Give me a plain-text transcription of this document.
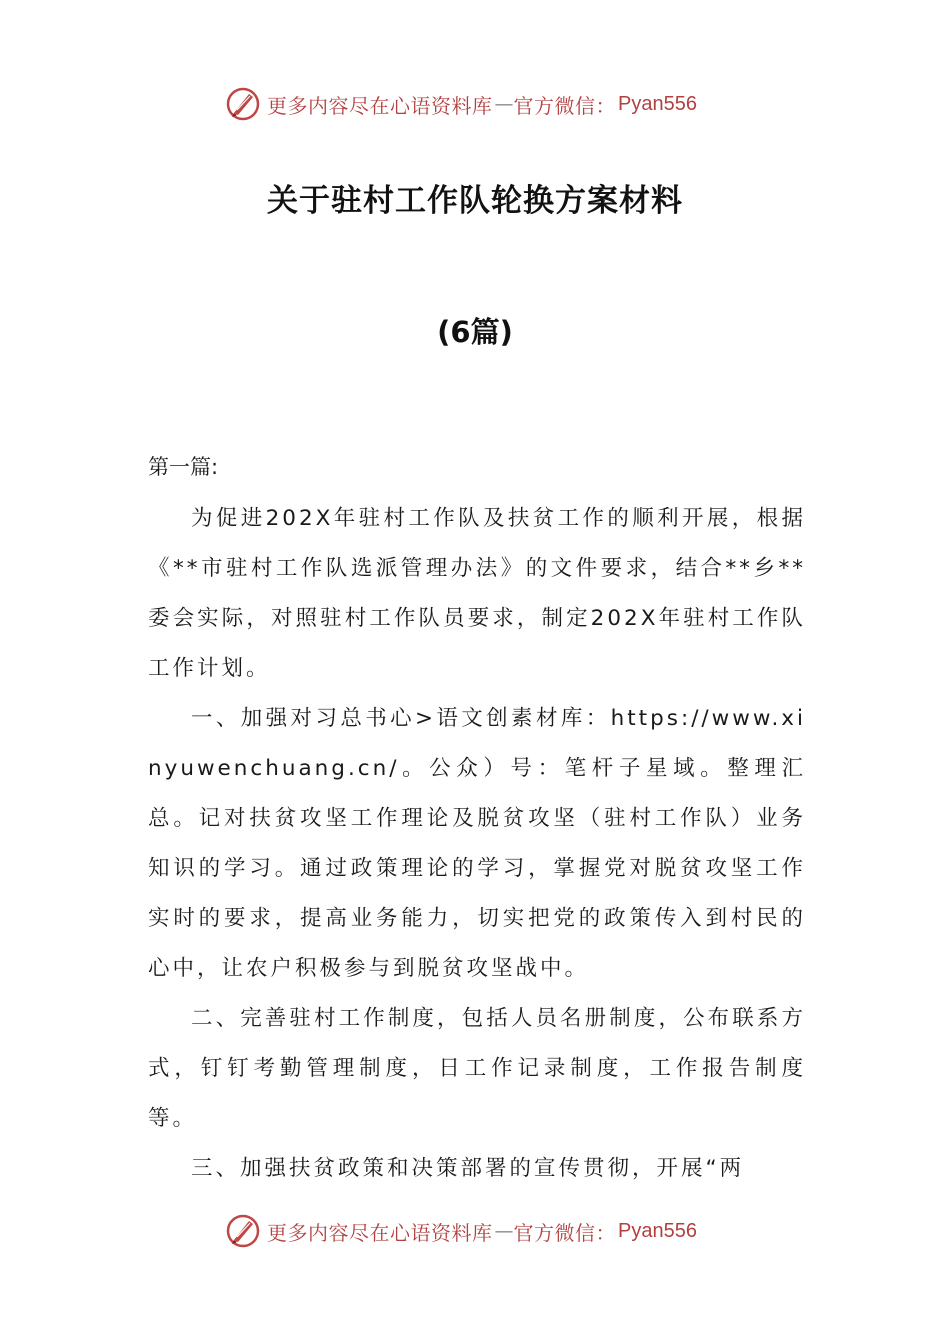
更多内容尽在心语资料库 — 官方微信： Pyan556
关于驻村工作队轮换方案材料
(6篇)
第一篇:

为促进202X年驻村工作队及扶贫工作的顺利开展，根据《**市驻村工作队选派管理办法》的文件要求，结合**乡**委会实际，对照驻村工作队员要求，制定202X年驻村工作队工作计划。

一、加强对习总书心>语文创素材库：https://www.xinyuwenchuang.cn/。公众）号：笔杆子星域。整理汇总。记对扶贫攻坚工作理论及脱贫攻坚（驻村工作队）业务知识的学习。通过政策理论的学习，掌握党对脱贫攻坚工作实时的要求，提高业务能力，切实把党的政策传入到村民的心中，让农户积极参与到脱贫攻坚战中。

二、完善驻村工作制度，包括人员名册制度，公布联系方式，钉钉考勤管理制度，日工作记录制度，工作报告制度等。

三、加强扶贫政策和决策部署的宣传贯彻，开展“两

更多内容尽在心语资料库 — 官方微信： Pyan556
